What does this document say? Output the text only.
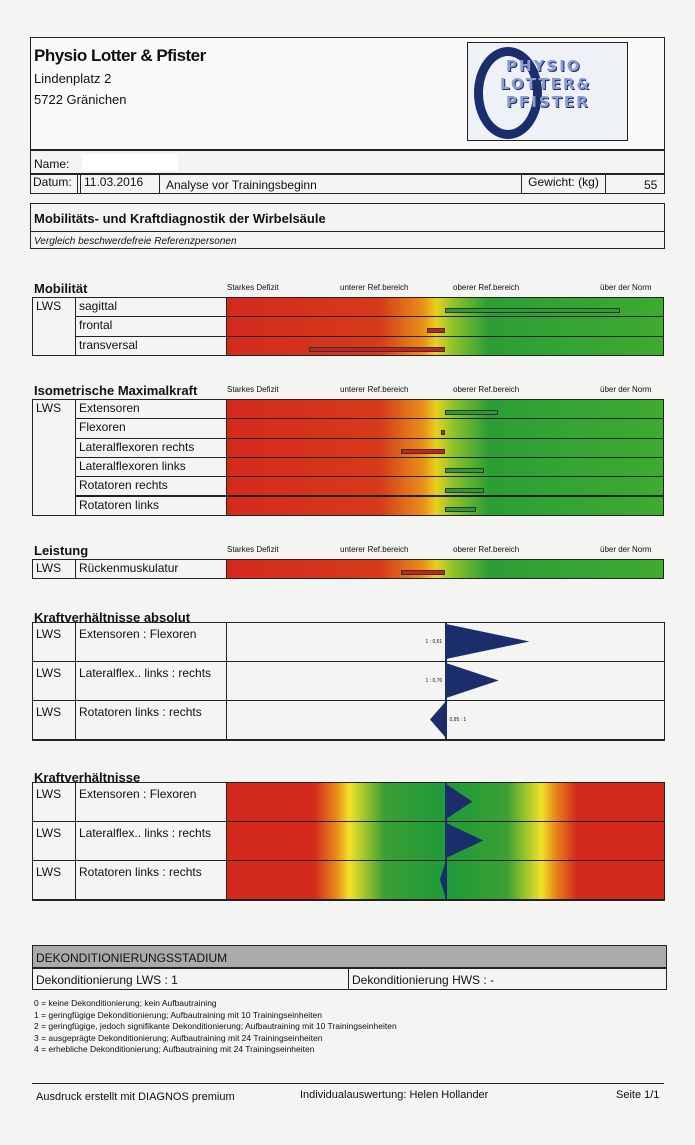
Physio Lotter & Pfister
Lindenplatz 2
5722 Gränichen
PHYSIO
LOTTER&
PFISTER
Name:
Datum:	11.03.2016	Analyse vor Trainingsbeginn	Gewicht: (kg)	55
Mobilitäts- und Kraftdiagnostik der Wirbelsäule
Vergleich beschwerdefreie Referenzpersonen
Mobilität	Starkes Defizit	unterer Ref.bereich	oberer Ref.bereich	über der Norm
LWS	sagittal
frontal
transversal
Isometrische Maximalkraft	Starkes Defizit	unterer Ref.bereich	oberer Ref.bereich	über der Norm
LWS	Extensoren
Flexoren
Lateralflexoren rechts
Lateralflexoren links
Rotatoren rechts
Rotatoren links
Leistung	Starkes Defizit	unterer Ref.bereich	oberer Ref.bereich	über der Norm
LWS	Rückenmuskulatur
Kraftverhältnisse absolut
LWS	Extensoren : Flexoren
1 : 0,61
LWS	Lateralflex.. links : rechts
1 : 0,76
LWS	Rotatoren links : rechts
0,95 : 1
Kraftverhältnisse
LWS	Extensoren : Flexoren
LWS	Lateralflex.. links : rechts
LWS	Rotatoren links : rechts
DEKONDITIONIERUNGSSTADIUM
Dekonditionierung LWS : 1	Dekonditionierung HWS : -
0 = keine Dekonditionierung; kein Aufbautraining
1 = geringfügige Dekonditionierung; Aufbautraining mit 10 Trainingseinheiten
2 = geringfügige, jedoch signifikante Dekonditionierung; Aufbautraining mit 10 Trainingseinheiten
3 = ausgeprägte Dekonditionierung; Aufbautraining mit 24 Trainingseinheiten
4 = erhebliche Dekonditionierung; Aufbautraining mit 24 Trainingseinheiten
Ausdruck erstellt mit DIAGNOS premium	Individualauswertung: Helen Hollander	Seite 1/1
